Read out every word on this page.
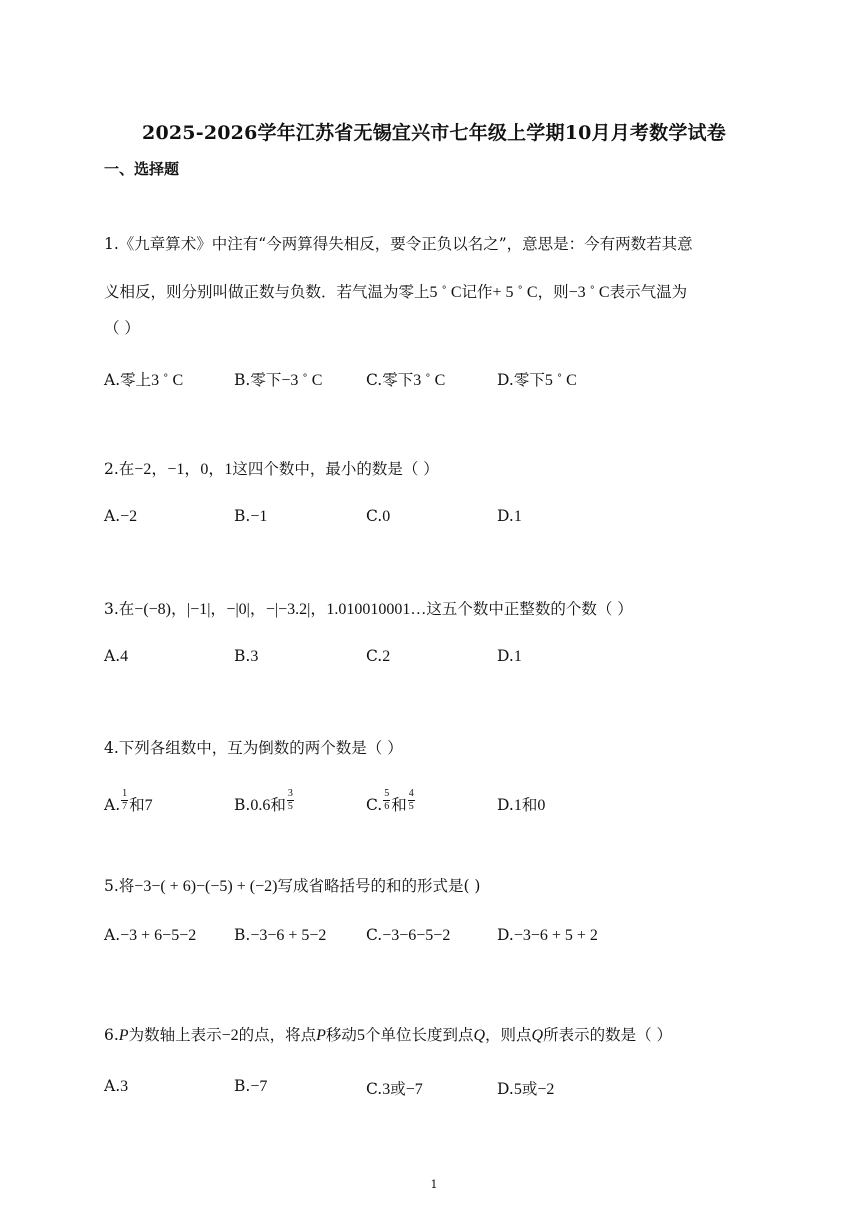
2025-2026学年江苏省无锡宜兴市七年级上学期10月月考数学试卷
一、选择题
1.《九章算术》中注有“今两算得失相反，要令正负以名之”，意思是：今有两数若其意
义相反，则分别叫做正数与负数．若气温为零上5 ˚ C记作+ 5 ˚ C，则−3 ˚ C表示气温为
（ ）
A.零上3 ˚ C	B.零下−3 ˚ C	C.零下3 ˚ C	D.零下5 ˚ C
2.在−2，−1，0，1这四个数中，最小的数是（ ）
A.−2	B.−1	C.0	D.1
3.在−(−8)，|−1|，−|0|，−|−3.2|，1.010010001…这五个数中正整数的个数（ ）
A.4	B.3	C.2	D.1
4.下列各组数中，互为倒数的两个数是（ ）
A. $\frac{1}{7}$ 和7	B.0.6和 $\frac{3}{5}$	C. $\frac{5}{6}$ 和 $\frac{4}{5}$	D.1和0
5.将−3−( + 6)−(−5) + (−2)写成省略括号的和的形式是( )
A.−3 + 6−5−2 B.−3−6 + 5−2	C.−3−6−5−2	D.−3−6 + 5 + 2
6.P为数轴上表示−2的点，将点P移动5个单位长度到点Q，则点Q所表示的数是（ ）
A.3	B.−7	C.3或−7	D.5或−2
1
